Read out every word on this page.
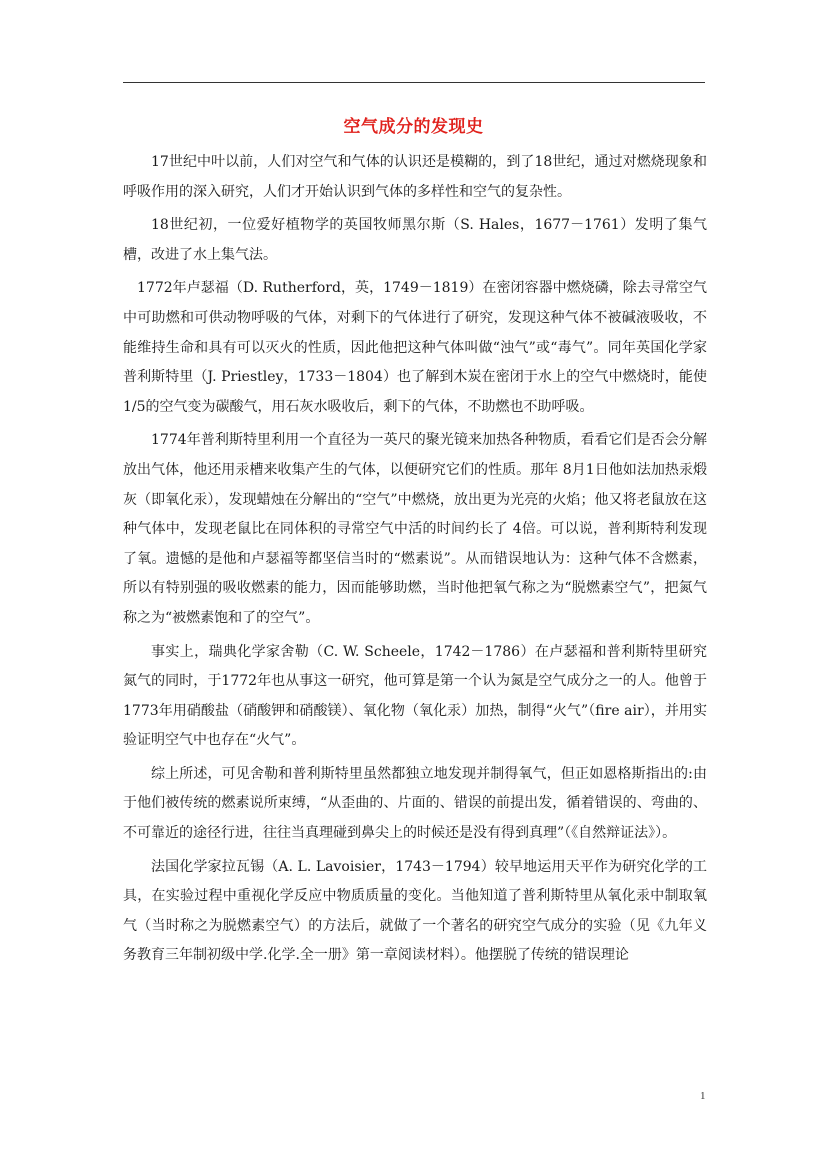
空气成分的发现史

17世纪中叶以前，人们对空气和气体的认识还是模糊的，到了18世纪，通过对燃烧现象和呼吸作用的深入研究，人们才开始认识到气体的多样性和空气的复杂性。

18世纪初，一位爱好植物学的英国牧师黑尔斯（S. Hales，1677－1761）发明了集气槽，改进了水上集气法。

1772年卢瑟福（D. Rutherford，英，1749－1819）在密闭容器中燃烧磷，除去寻常空气中可助燃和可供动物呼吸的气体，对剩下的气体进行了研究，发现这种气体不被碱液吸收，不能维持生命和具有可以灭火的性质，因此他把这种气体叫做“浊气”或“毒气”。同年英国化学家普利斯特里（J. Priestley，1733－1804）也了解到木炭在密闭于水上的空气中燃烧时，能使1/5的空气变为碳酸气，用石灰水吸收后，剩下的气体，不助燃也不助呼吸。

1774年普利斯特里利用一个直径为一英尺的聚光镜来加热各种物质，看看它们是否会分解放出气体，他还用汞槽来收集产生的气体，以便研究它们的性质。那年 8月1日他如法加热汞煅灰（即氧化汞），发现蜡烛在分解出的“空气”中燃烧，放出更为光亮的火焰；他又将老鼠放在这种气体中，发现老鼠比在同体积的寻常空气中活的时间约长了 4倍。可以说，普利斯特利发现了氧。遗憾的是他和卢瑟福等都坚信当时的“燃素说”。从而错误地认为：这种气体不含燃素，所以有特别强的吸收燃素的能力，因而能够助燃，当时他把氧气称之为“脱燃素空气”，把氮气称之为“被燃素饱和了的空气”。

事实上，瑞典化学家舍勒（C. W. Scheele，1742－1786）在卢瑟福和普利斯特里研究氮气的同时，于1772年也从事这一研究，他可算是第一个认为氮是空气成分之一的人。他曾于1773年用硝酸盐（硝酸钾和硝酸镁）、氧化物（氧化汞）加热，制得“火气”（fire air），并用实验证明空气中也存在“火气”。

综上所述，可见舍勒和普利斯特里虽然都独立地发现并制得氧气，但正如恩格斯指出的:由于他们被传统的燃素说所束缚，“从歪曲的、片面的、错误的前提出发，循着错误的、弯曲的、不可靠近的途径行进，往往当真理碰到鼻尖上的时候还是没有得到真理”（《自然辩证法》）。

法国化学家拉瓦锡（A. L. Lavoisier，1743－1794）较早地运用天平作为研究化学的工具，在实验过程中重视化学反应中物质质量的变化。当他知道了普利斯特里从氧化汞中制取氧气（当时称之为脱燃素空气）的方法后，就做了一个著名的研究空气成分的实验（见《九年义务教育三年制初级中学.化学.全一册》第一章阅读材料）。他摆脱了传统的错误理论

1
